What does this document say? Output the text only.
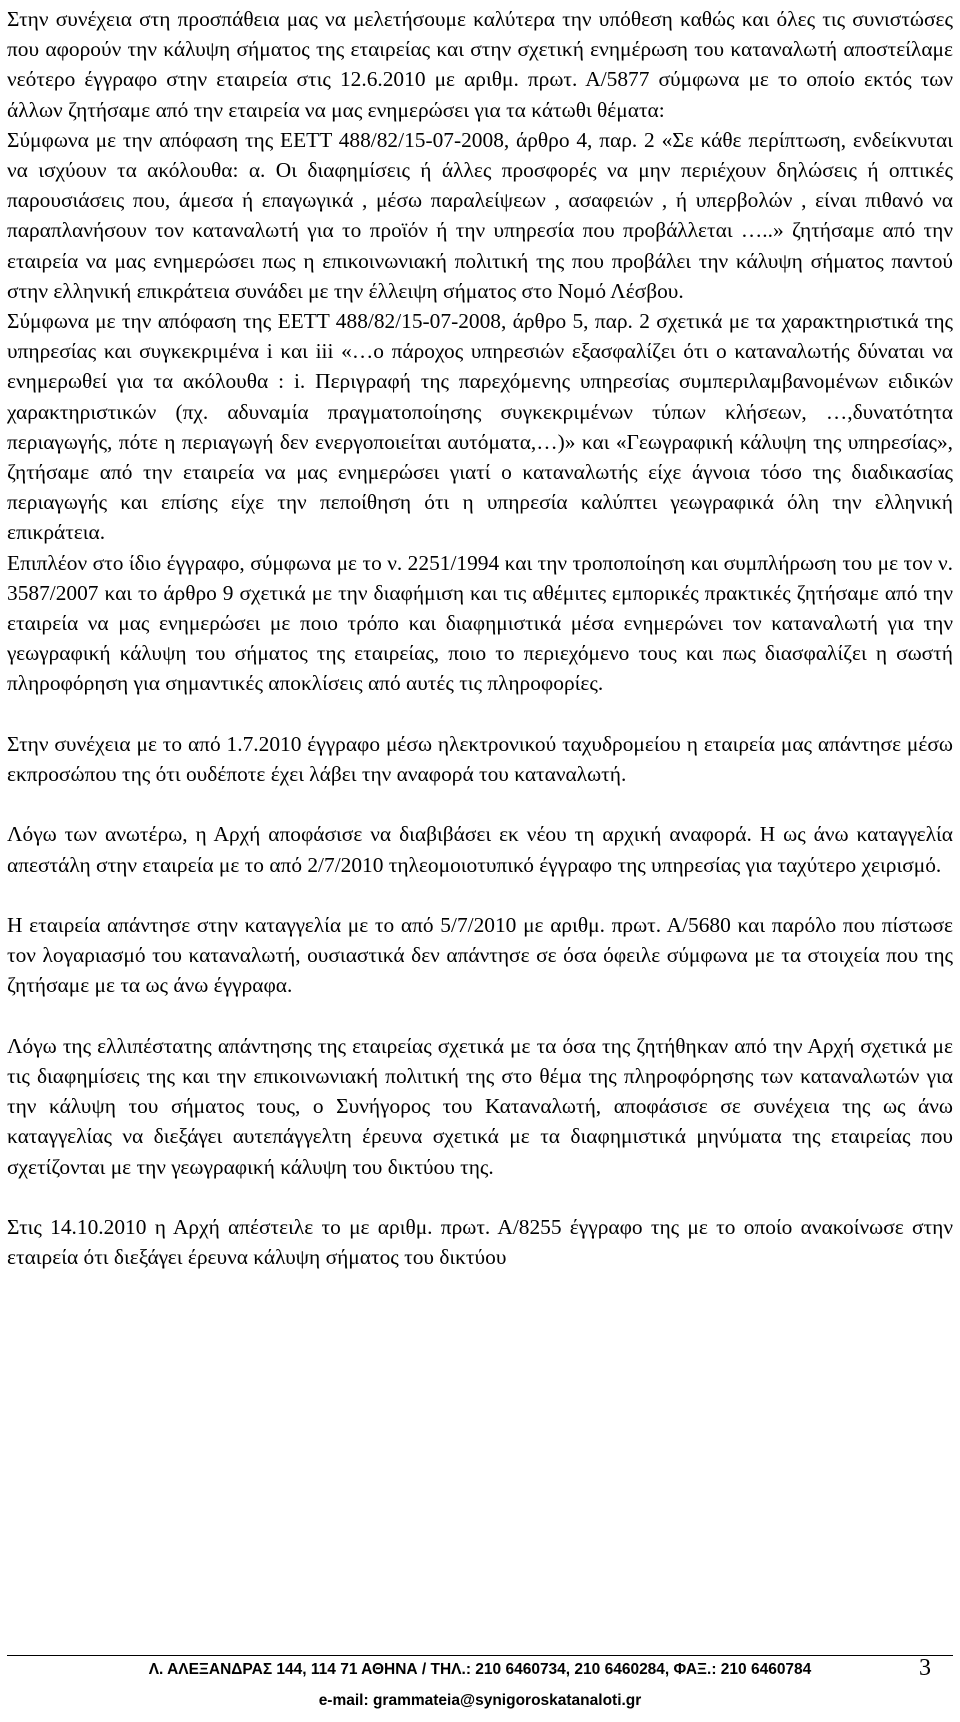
Στην συνέχεια στη προσπάθεια μας να μελετήσουμε καλύτερα την υπόθεση καθώς και όλες τις συνιστώσες που αφορούν την κάλυψη σήματος της εταιρείας και στην σχετική ενημέρωση του καταναλωτή αποστείλαμε νεότερο έγγραφο στην εταιρεία στις 12.6.2010 με αριθμ. πρωτ. Α/5877 σύμφωνα με το οποίο εκτός των άλλων ζητήσαμε από την εταιρεία να μας ενημερώσει για τα κάτωθι θέματα:

Σύμφωνα με την απόφαση της ΕΕΤΤ 488/82/15-07-2008, άρθρο 4, παρ. 2 «Σε κάθε περίπτωση, ενδείκνυται να ισχύουν τα ακόλουθα: α. Οι διαφημίσεις ή άλλες προσφορές να μην περιέχουν δηλώσεις ή οπτικές παρουσιάσεις που, άμεσα ή επαγωγικά , μέσω παραλείψεων , ασαφειών , ή υπερβολών , είναι πιθανό να παραπλανήσουν τον καταναλωτή για το προϊόν ή την υπηρεσία που προβάλλεται …..» ζητήσαμε από την εταιρεία να μας ενημερώσει πως η επικοινωνιακή πολιτική της που προβάλει την κάλυψη σήματος παντού στην ελληνική επικράτεια συνάδει με την έλλειψη σήματος στο Νομό Λέσβου.

Σύμφωνα με την απόφαση της ΕΕΤΤ 488/82/15-07-2008, άρθρο 5, παρ. 2 σχετικά με τα χαρακτηριστικά της υπηρεσίας και συγκεκριμένα i και iii «…ο πάροχος υπηρεσιών εξασφαλίζει ότι ο καταναλωτής δύναται να ενημερωθεί για τα ακόλουθα : i. Περιγραφή της παρεχόμενης υπηρεσίας συμπεριλαμβανομένων ειδικών χαρακτηριστικών (πχ. αδυναμία πραγματοποίησης συγκεκριμένων τύπων κλήσεων, …,δυνατότητα περιαγωγής, πότε η περιαγωγή δεν ενεργοποιείται αυτόματα,…)» και «Γεωγραφική κάλυψη της υπηρεσίας», ζητήσαμε από την εταιρεία να μας ενημερώσει γιατί ο καταναλωτής είχε άγνοια τόσο της διαδικασίας περιαγωγής και επίσης είχε την πεποίθηση ότι η υπηρεσία καλύπτει γεωγραφικά όλη την ελληνική επικράτεια.

Επιπλέον στο ίδιο έγγραφο, σύμφωνα με το ν. 2251/1994 και την τροποποίηση και συμπλήρωση του με τον ν. 3587/2007 και το άρθρο 9 σχετικά με την διαφήμιση και τις αθέμιτες εμπορικές πρακτικές ζητήσαμε από την εταιρεία να μας ενημερώσει με ποιο τρόπο και διαφημιστικά μέσα ενημερώνει τον καταναλωτή για την γεωγραφική κάλυψη του σήματος της εταιρείας, ποιο το περιεχόμενο τους και πως διασφαλίζει η σωστή πληροφόρηση για σημαντικές αποκλίσεις από αυτές τις πληροφορίες.

Στην συνέχεια με το από 1.7.2010 έγγραφο μέσω ηλεκτρονικού ταχυδρομείου η εταιρεία μας απάντησε μέσω εκπροσώπου της ότι ουδέποτε έχει λάβει την αναφορά του καταναλωτή.

Λόγω των ανωτέρω, η Αρχή αποφάσισε να διαβιβάσει εκ νέου τη αρχική αναφορά. Η ως άνω καταγγελία απεστάλη στην εταιρεία με το από 2/7/2010 τηλεομοιοτυπικό έγγραφο της υπηρεσίας για ταχύτερο χειρισμό.

Η εταιρεία απάντησε στην καταγγελία με το από 5/7/2010 με αριθμ. πρωτ. Α/5680 και παρόλο που πίστωσε τον λογαριασμό του καταναλωτή, ουσιαστικά δεν απάντησε σε όσα όφειλε σύμφωνα με τα στοιχεία που της ζητήσαμε με τα ως άνω έγγραφα.

Λόγω της ελλιπέστατης απάντησης της εταιρείας σχετικά με τα όσα της ζητήθηκαν από την Αρχή σχετικά με τις διαφημίσεις της και την επικοινωνιακή πολιτική της στο θέμα της πληροφόρησης των καταναλωτών για την κάλυψη του σήματος τους, ο Συνήγορος του Καταναλωτή, αποφάσισε σε συνέχεια της ως άνω καταγγελίας να διεξάγει αυτεπάγγελτη έρευνα σχετικά με τα διαφημιστικά μηνύματα της εταιρείας που σχετίζονται με την γεωγραφική κάλυψη του δικτύου της.

Στις 14.10.2010 η Αρχή απέστειλε το με αριθμ. πρωτ. Α/8255 έγγραφο της με το οποίο ανακοίνωσε στην εταιρεία ότι διεξάγει έρευνα κάλυψη σήματος του δικτύου

Λ. ΑΛΕΞΑΝΔΡΑΣ 144, 114 71 ΑΘΗΝΑ / ΤΗΛ.: 210 6460734, 210 6460284, ΦΑΞ.: 210 6460784
e-mail: grammateia@synigoroskatanaloti.gr
3
